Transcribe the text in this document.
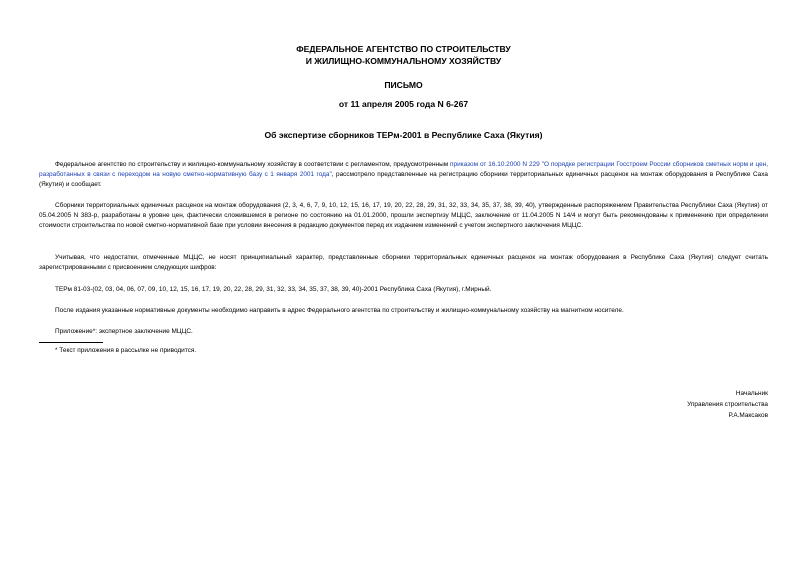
ФЕДЕРАЛЬНОЕ АГЕНТСТВО ПО СТРОИТЕЛЬСТВУ
И ЖИЛИЩНО-КОММУНАЛЬНОМУ ХОЗЯЙСТВУ
ПИСЬМО
от 11 апреля 2005 года N 6-267
Об экспертизе сборников ТЕРм-2001 в Республике Саха (Якутия)
Федеральное агентство по строительству и жилищно-коммунальному хозяйству в соответствии с регламентом, предусмотренным приказом от 16.10.2000 N 229 "О порядке регистрации Госстроем России сборников сметных норм и цен, разработанных в связи с переходом на новую сметно-нормативную базу с 1 января 2001 года", рассмотрело представленные на регистрацию сборники территориальных единичных расценок на монтаж оборудования в Республике Саха (Якутия) и сообщает.
Сборники территориальных единичных расценок на монтаж оборудования (2, 3, 4, 6, 7, 9, 10, 12, 15, 16, 17, 19, 20, 22, 28, 29, 31, 32, 33, 34, 35, 37, 38, 39, 40), утвержденные распоряжением Правительства Республики Саха (Якутия) от 05.04.2005 N 383-р, разработаны в уровне цен, фактически сложившемся в регионе по состоянию на 01.01.2000, прошли экспертизу МЦЦС, заключение от 11.04.2005 N 14/4 и могут быть рекомендованы к применению при определении стоимости строительства по новой сметно-нормативной базе при условии внесения в редакцию документов перед их изданием изменений с учетом экспертного заключения МЦЦС.
Учитывая, что недостатки, отмеченные МЦЦС, не носят принципиальный характер, представленные сборники территориальных единичных расценок на монтаж оборудования в Республике Саха (Якутия) следует считать зарегистрированными с присвоением следующих шифров:
ТЕРм 81-03-(02, 03, 04, 06, 07, 09, 10, 12, 15, 16, 17, 19, 20, 22, 28, 29, 31, 32, 33, 34, 35, 37, 38, 39, 40)-2001 Республика Саха (Якутия), г.Мирный.
После издания указанные нормативные документы необходимо направить в адрес Федерального агентства по строительству и жилищно-коммунальному хозяйству на магнитном носителе.
Приложение*: экспертное заключение МЦЦС.
* Текст приложения в рассылке не приводится.
Начальник
Управления строительства
Р.А.Максаков
